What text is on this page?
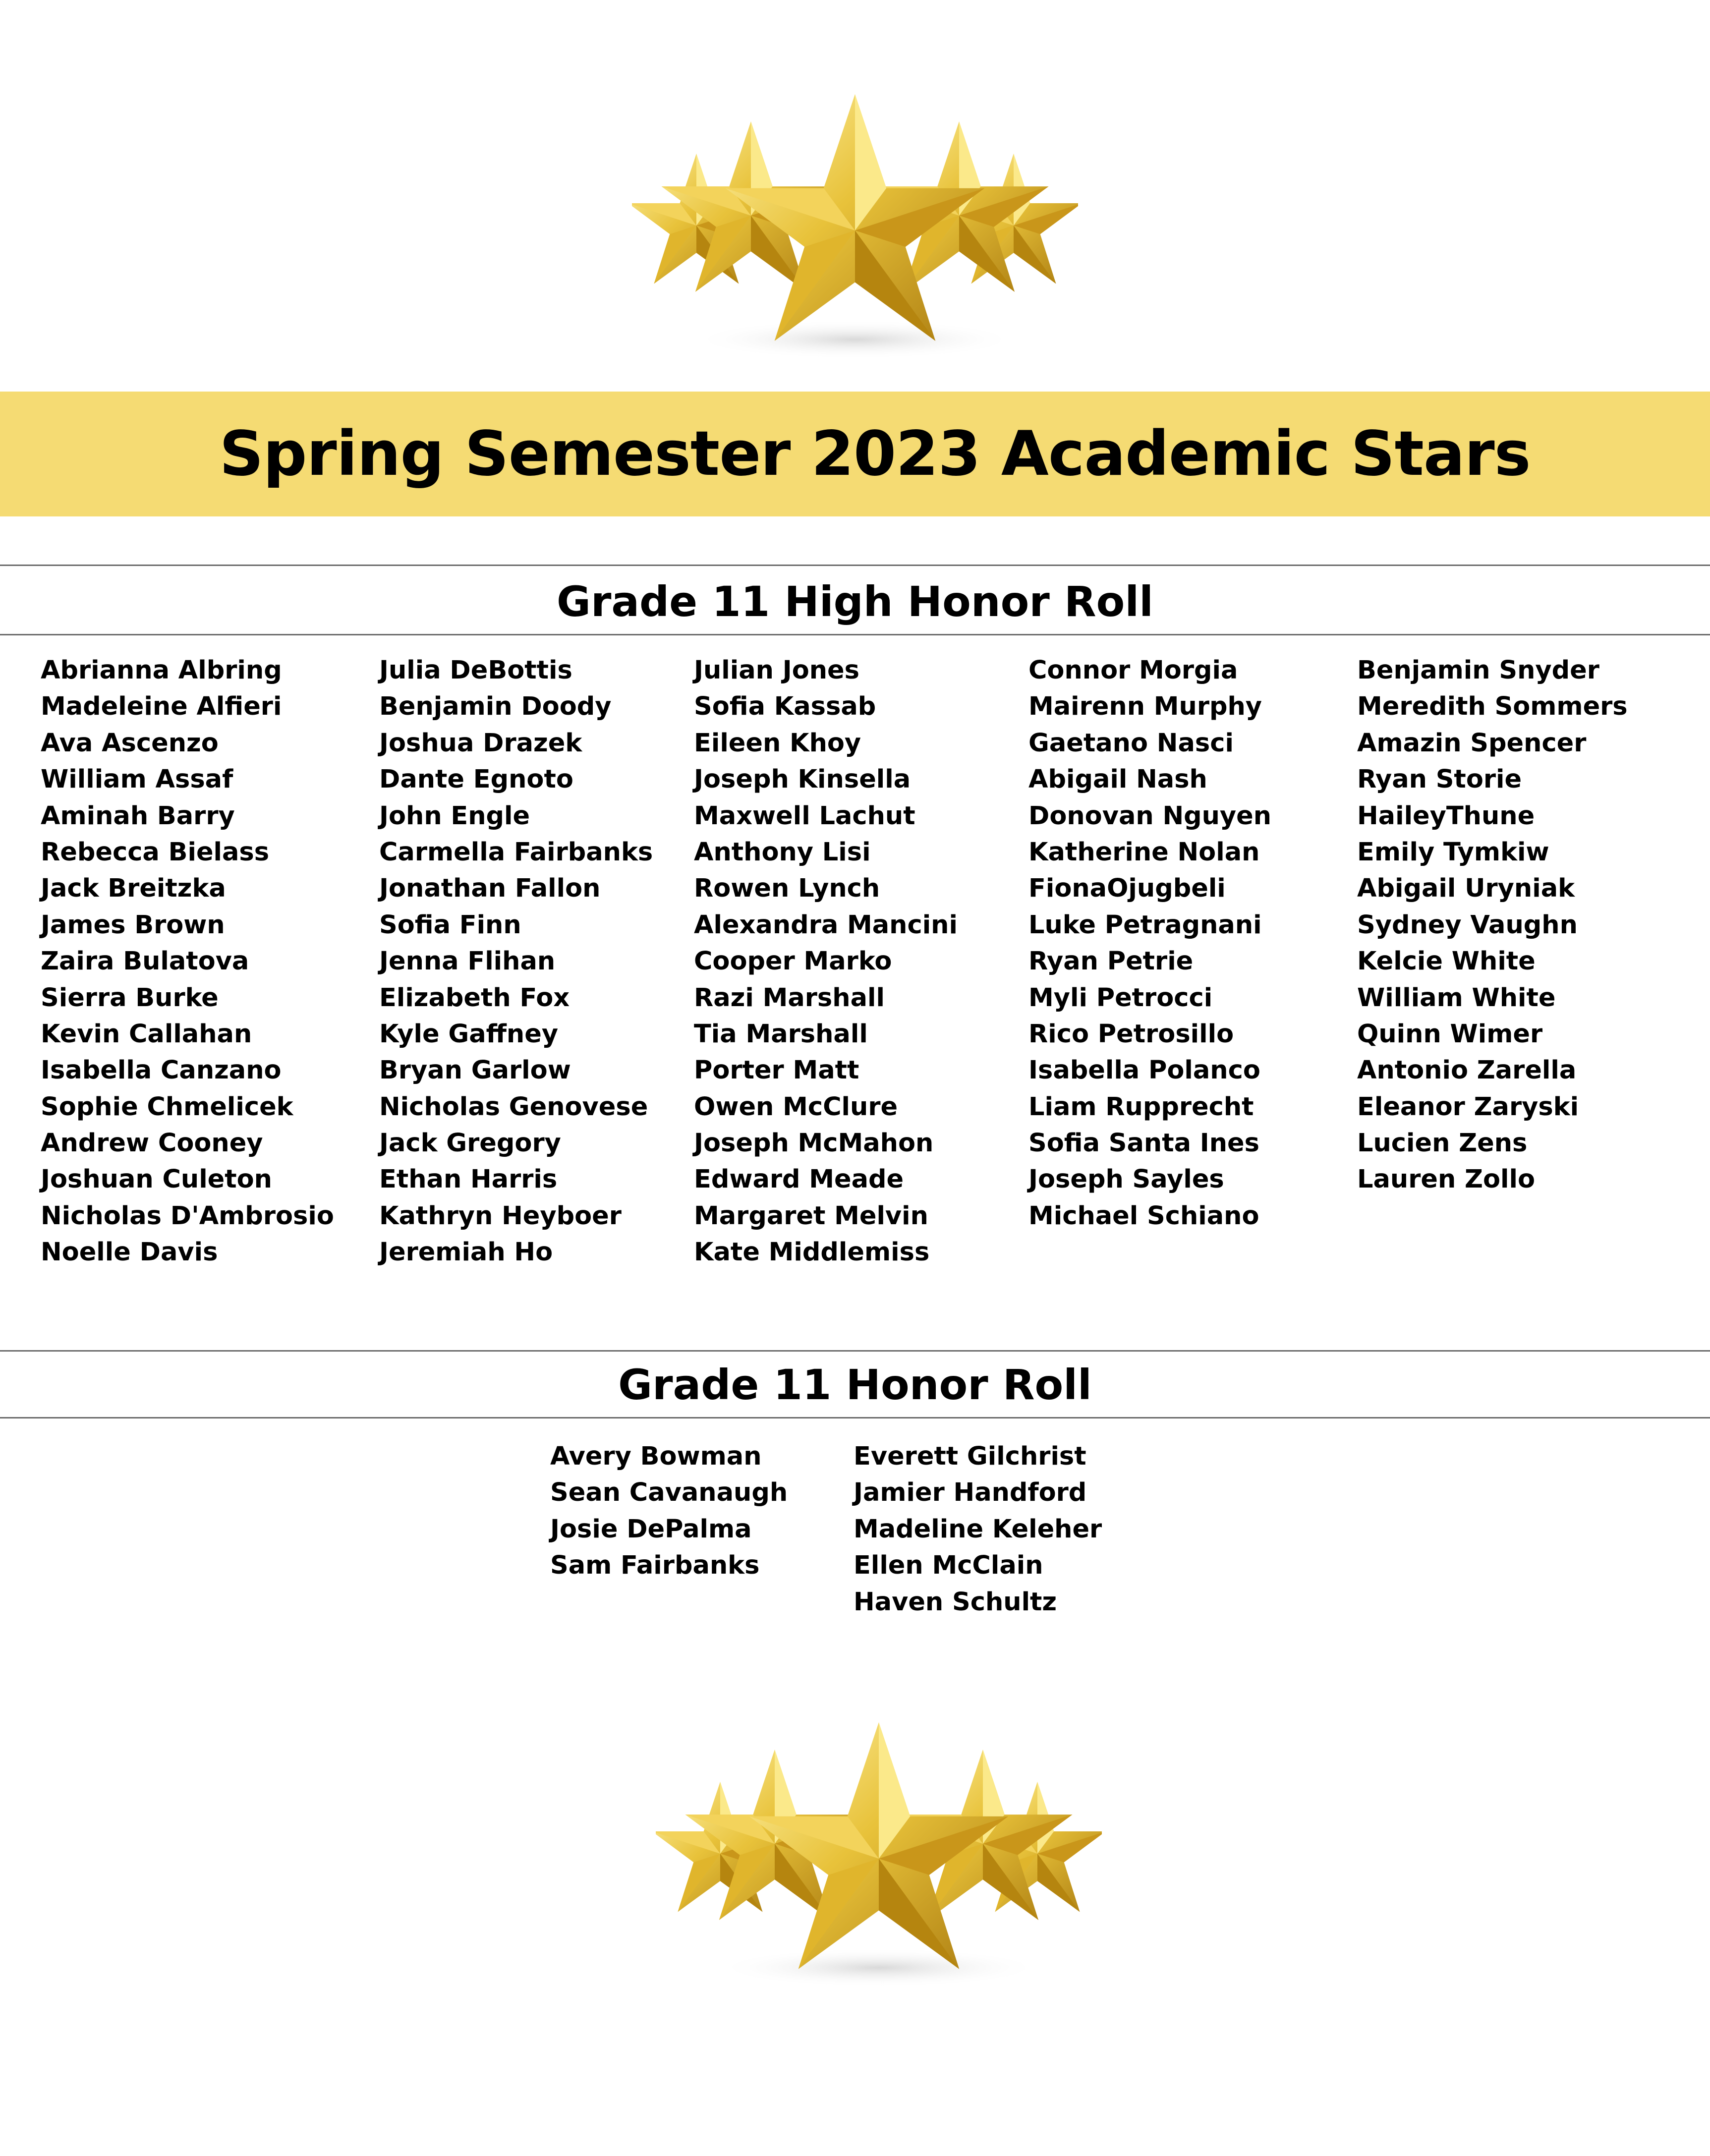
Spring Semester 2023 Academic Stars
Grade 11 High Honor Roll
Abrianna Albring
Madeleine Alfieri
Ava Ascenzo
William Assaf
Aminah Barry
Rebecca Bielass
Jack Breitzka
James Brown
Zaira Bulatova
Sierra Burke
Kevin Callahan
Isabella Canzano
Sophie Chmelicek
Andrew Cooney
Joshuan Culeton
Nicholas D'Ambrosio
Noelle Davis
Julia DeBottis
Benjamin Doody
Joshua Drazek
Dante Egnoto
John Engle
Carmella Fairbanks
Jonathan Fallon
Sofia Finn
Jenna Flihan
Elizabeth Fox
Kyle Gaffney
Bryan Garlow
Nicholas Genovese
Jack Gregory
Ethan Harris
Kathryn Heyboer
Jeremiah Ho
Julian Jones
Sofia Kassab
Eileen Khoy
Joseph Kinsella
Maxwell Lachut
Anthony Lisi
Rowen Lynch
Alexandra Mancini
Cooper Marko
Razi Marshall
Tia Marshall
Porter Matt
Owen McClure
Joseph McMahon
Edward Meade
Margaret Melvin
Kate Middlemiss
Connor Morgia
Mairenn Murphy
Gaetano Nasci
Abigail Nash
Donovan Nguyen
Katherine Nolan
FionaOjugbeli
Luke Petragnani
Ryan Petrie
Myli Petrocci
Rico Petrosillo
Isabella Polanco
Liam Rupprecht
Sofia Santa Ines
Joseph Sayles
Michael Schiano
Benjamin Snyder
Meredith Sommers
Amazin Spencer
Ryan Storie
HaileyThune
Emily Tymkiw
Abigail Uryniak
Sydney Vaughn
Kelcie White
William White
Quinn Wimer
Antonio Zarella
Eleanor Zaryski
Lucien Zens
Lauren Zollo
Grade 11 Honor Roll
Avery Bowman
Sean Cavanaugh
Josie DePalma
Sam Fairbanks
Everett Gilchrist
Jamier Handford
Madeline Keleher
Ellen McClain
Haven Schultz
